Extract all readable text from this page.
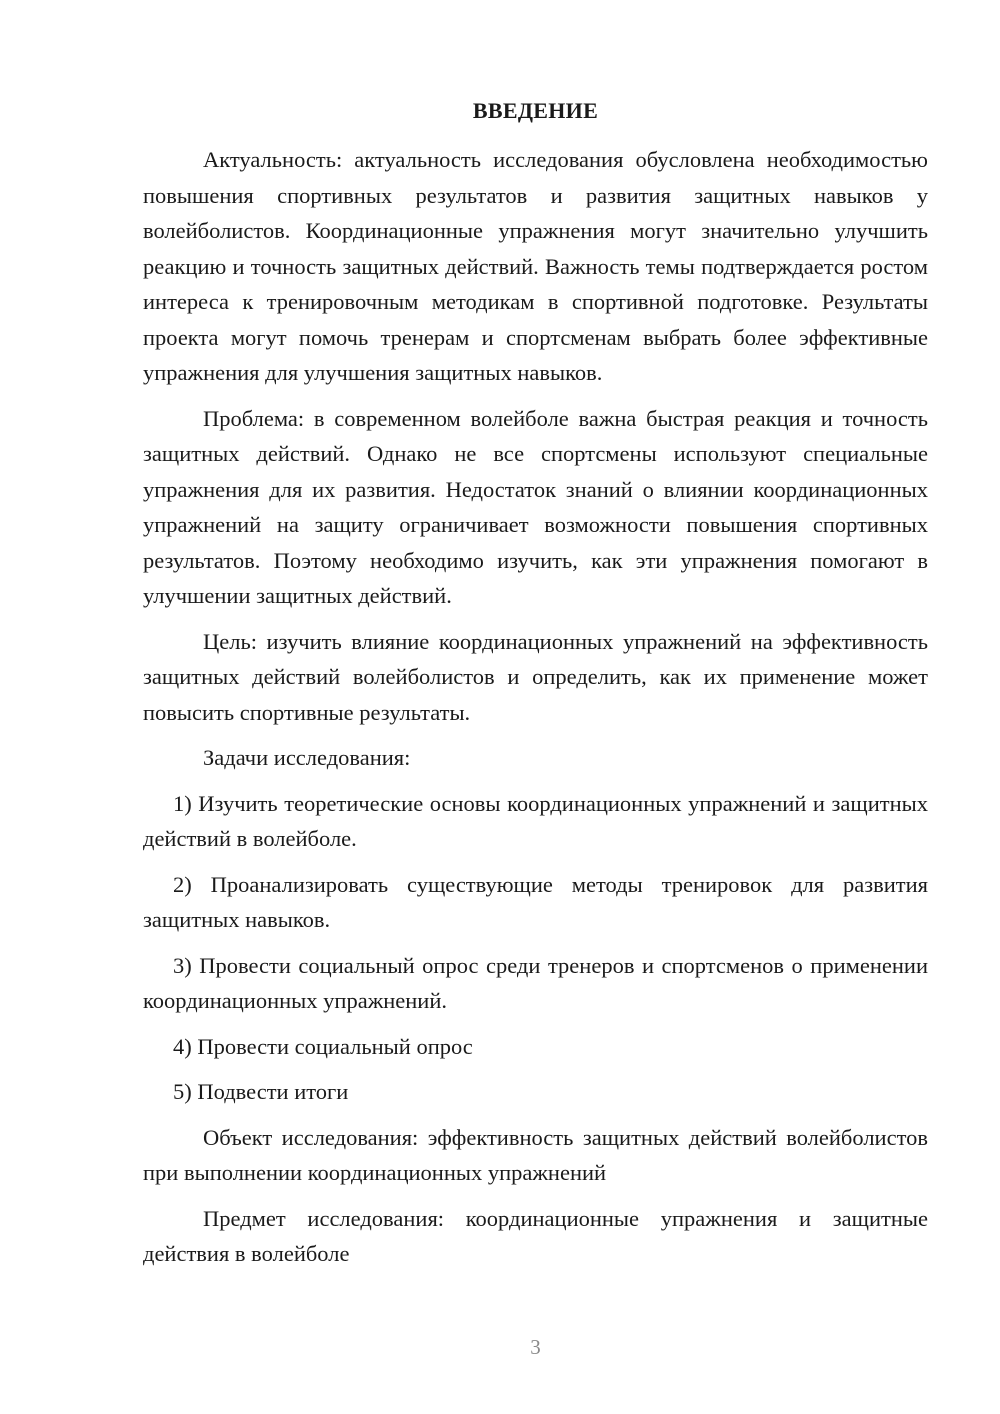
ВВЕДЕНИЕ

Актуальность: актуальность исследования обусловлена необходимостью повышения спортивных результатов и развития защитных навыков у волейболистов. Координационные упражнения могут значительно улучшить реакцию и точность защитных действий. Важность темы подтверждается ростом интереса к тренировочным методикам в спортивной подготовке. Результаты проекта могут помочь тренерам и спортсменам выбрать более эффективные упражнения для улучшения защитных навыков.

Проблема: в современном волейболе важна быстрая реакция и точность защитных действий. Однако не все спортсмены используют специальные упражнения для их развития. Недостаток знаний о влиянии координационных упражнений на защиту ограничивает возможности повышения спортивных результатов. Поэтому необходимо изучить, как эти упражнения помогают в улучшении защитных действий.

Цель: изучить влияние координационных упражнений на эффективность защитных действий волейболистов и определить, как их применение может повысить спортивные результаты.

Задачи исследования:

1) Изучить теоретические основы координационных упражнений и защитных действий в волейболе.

2) Проанализировать существующие методы тренировок для развития защитных навыков.

3) Провести социальный опрос среди тренеров и спортсменов о применении координационных упражнений.

4) Провести социальный опрос

5) Подвести итоги

Объект исследования: эффективность защитных действий волейболистов при выполнении координационных упражнений

Предмет исследования: координационные упражнения и защитные действия в волейболе

3
